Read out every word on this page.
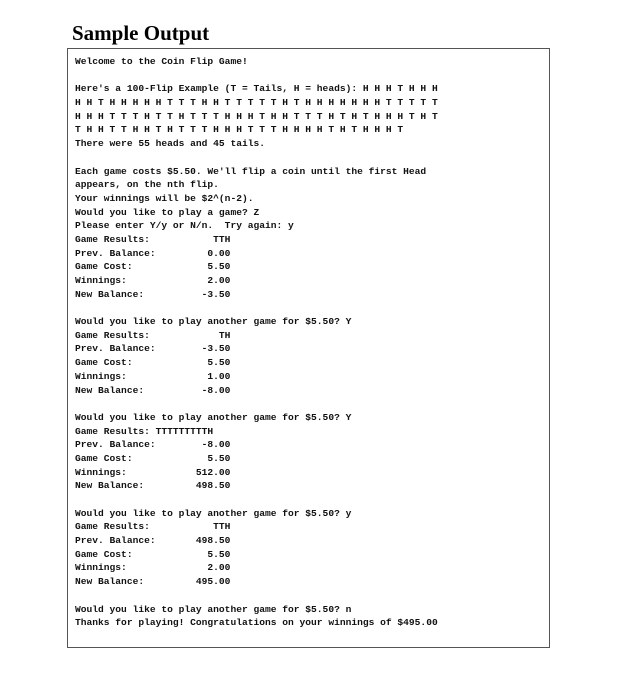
Sample Output
Welcome to the Coin Flip Game!
Here's a 100-Flip Example (T = Tails, H = heads): H H H T H H H
H H T H H H H H T T T H H T T T T T H T H H H H H H H T T T T T
H H H T T T H T T H T T T H H H T H H T T T H T H T H H H T H T
T H H T T H H T H T T T H H H T T T H H H H T H T H H H T
There were 55 heads and 45 tails.
Each game costs $5.50. We'll flip a coin until the first Head
appears, on the nth flip.
Your winnings will be $2^(n-2).
Would you like to play a game? Z
Please enter Y/y or N/n.  Try again: y
Game Results:           TTH
Prev. Balance:         0.00
Game Cost:             5.50
Winnings:              2.00
New Balance:          -3.50
Would you like to play another game for $5.50? Y
Game Results:            TH
Prev. Balance:        -3.50
Game Cost:             5.50
Winnings:              1.00
New Balance:          -8.00
Would you like to play another game for $5.50? Y
Game Results: TTTTTTTTTH
Prev. Balance:        -8.00
Game Cost:             5.50
Winnings:            512.00
New Balance:         498.50
Would you like to play another game for $5.50? y
Game Results:           TTH
Prev. Balance:       498.50
Game Cost:             5.50
Winnings:              2.00
New Balance:         495.00
Would you like to play another game for $5.50? n
Thanks for playing! Congratulations on your winnings of $495.00
